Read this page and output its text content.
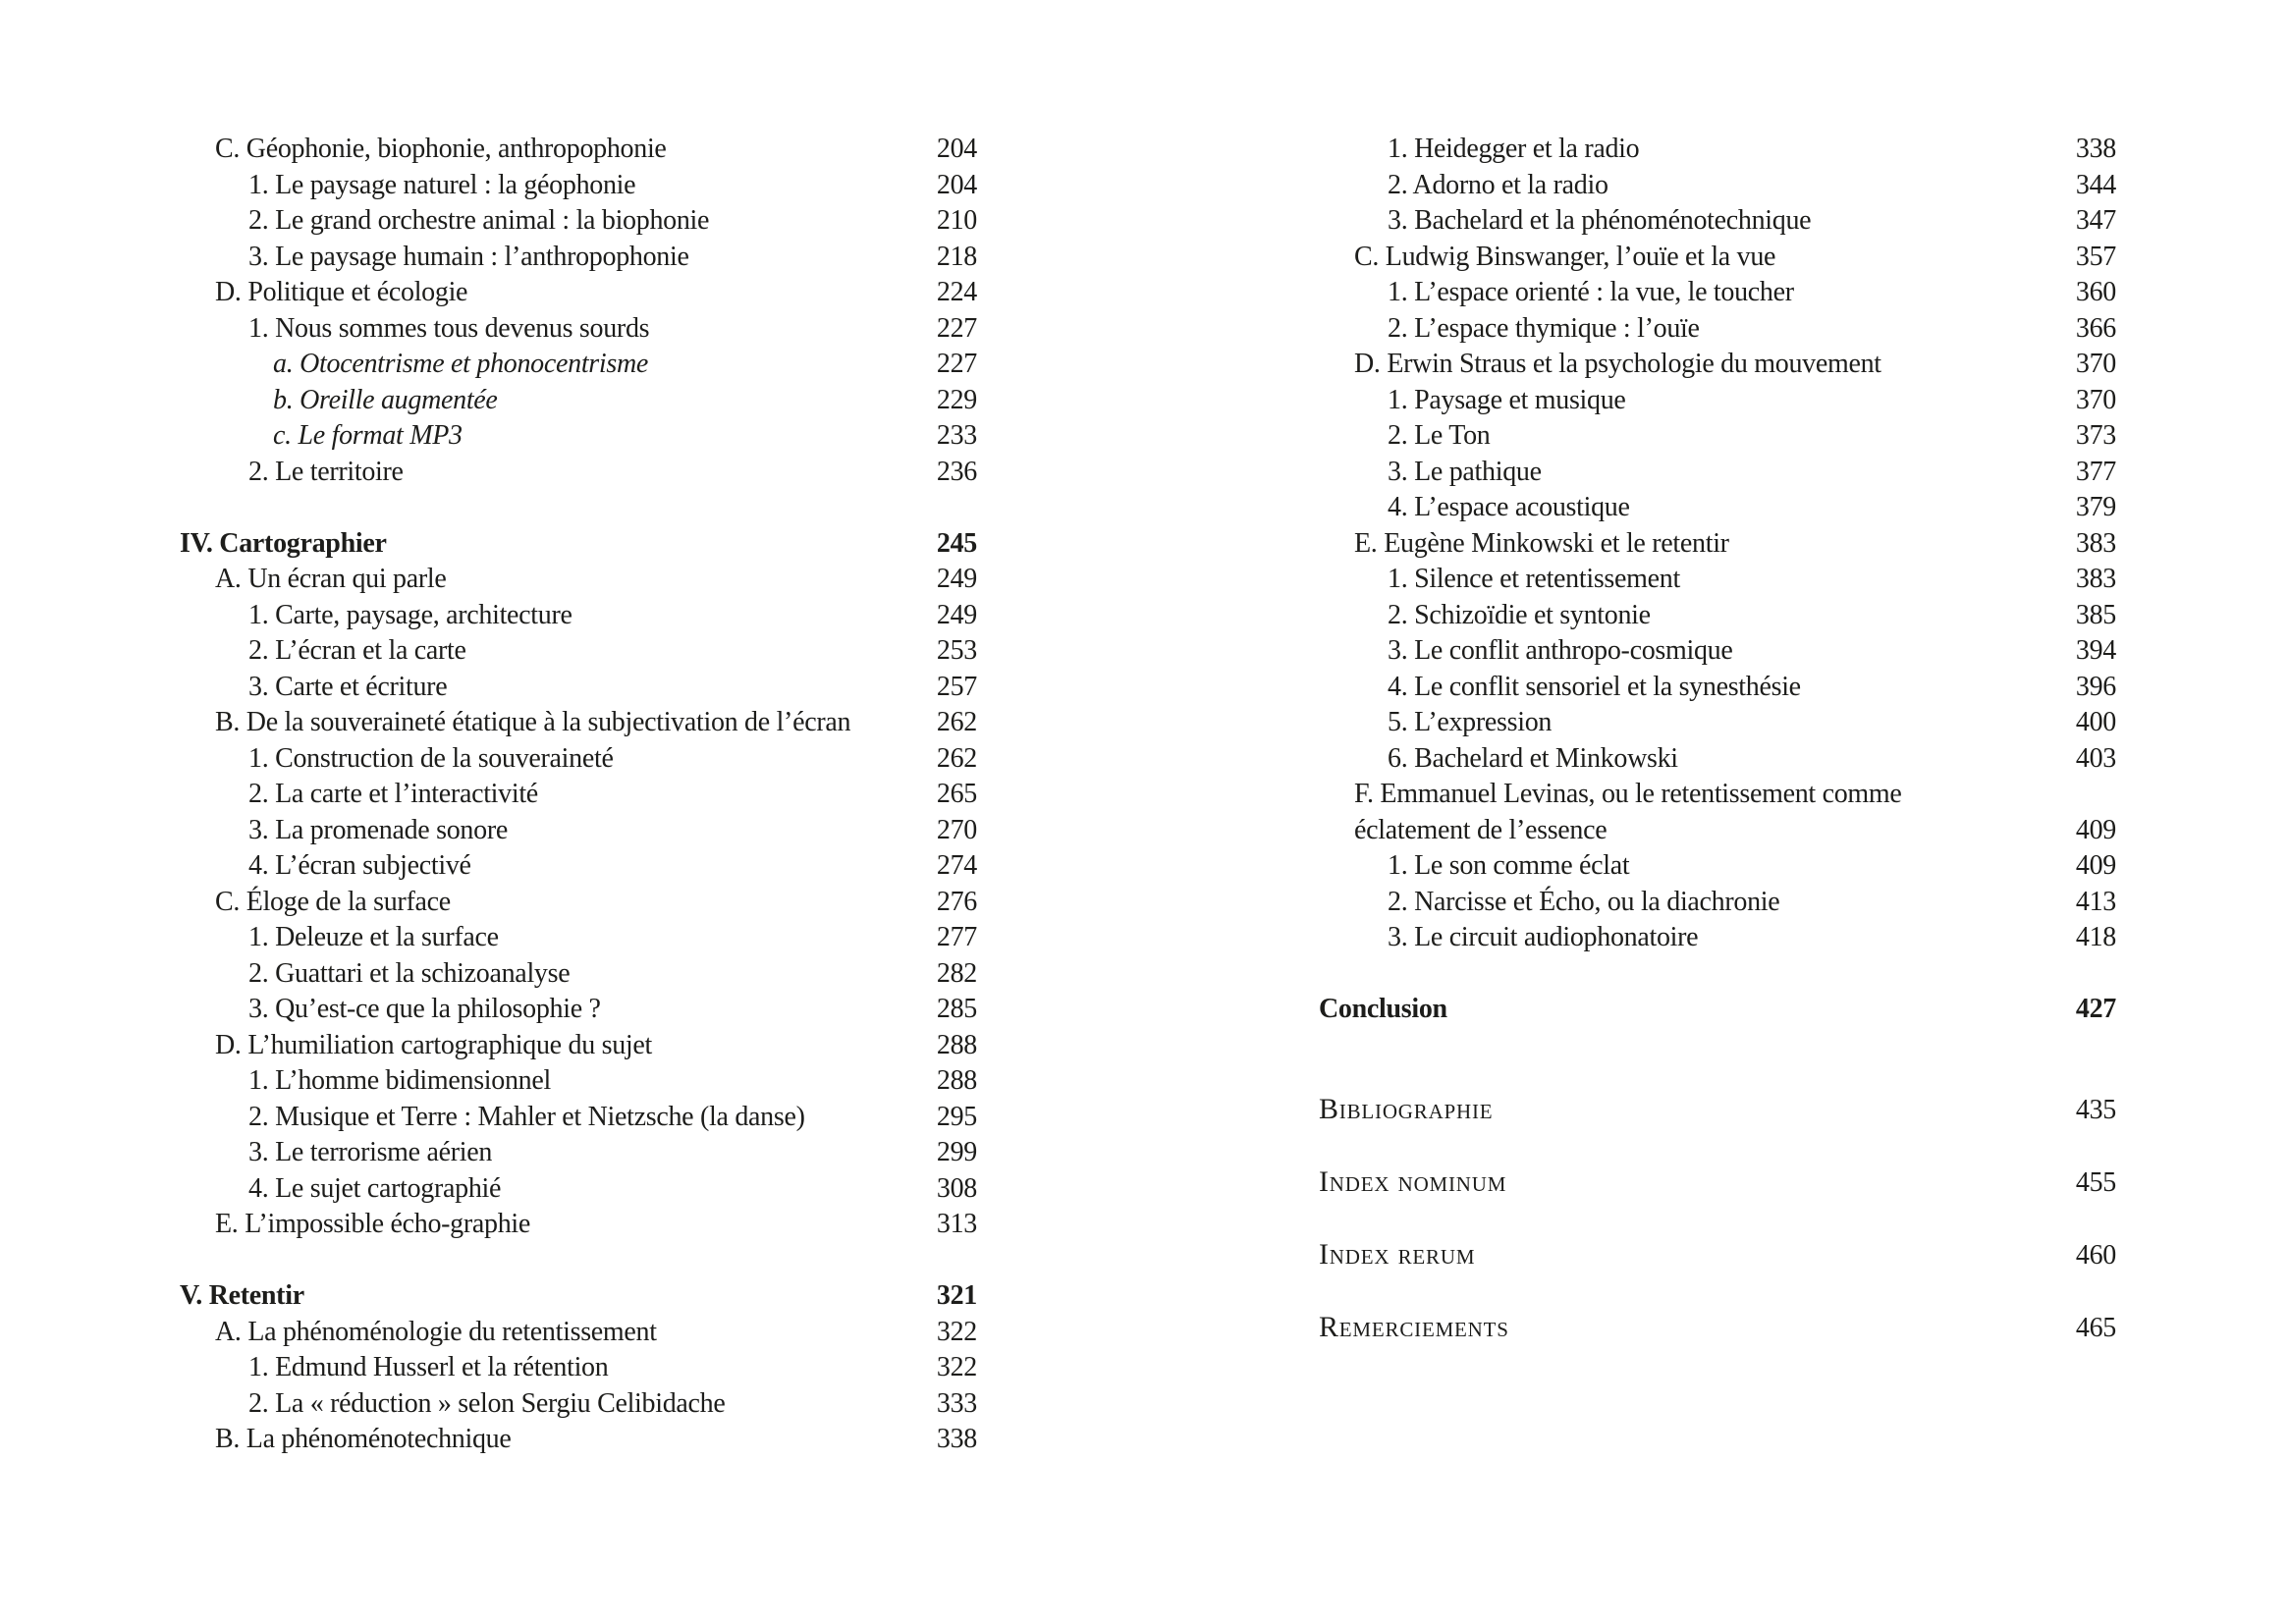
C. Géophonie, biophonie, anthropophonie	204
1. Le paysage naturel : la géophonie	204
2. Le grand orchestre animal : la biophonie	210
3. Le paysage humain : l’anthropophonie	218
D. Politique et écologie	224
1. Nous sommes tous devenus sourds	227
a. Otocentrisme et phonocentrisme	227
b. Oreille augmentée	229
c. Le format MP3	233
2. Le territoire	236
IV. Cartographier	245
A. Un écran qui parle	249
1. Carte, paysage, architecture	249
2. L’écran et la carte	253
3. Carte et écriture	257
B. De la souveraineté étatique à la subjectivation de l’écran	262
1. Construction de la souveraineté	262
2. La carte et l’interactivité	265
3. La promenade sonore	270
4. L’écran subjectivé	274
C. Éloge de la surface	276
1. Deleuze et la surface	277
2. Guattari et la schizoanalyse	282
3. Qu’est-ce que la philosophie ?	285
D. L’humiliation cartographique du sujet	288
1. L’homme bidimensionnel	288
2. Musique et Terre : Mahler et Nietzsche (la danse)	295
3. Le terrorisme aérien	299
4. Le sujet cartographié	308
E. L’impossible écho-graphie	313
V. Retentir	321
A. La phénoménologie du retentissement	322
1. Edmund Husserl et la rétention	322
2. La « réduction » selon Sergiu Celibidache	333
B. La phénoménotechnique	338
1. Heidegger et la radio	338
2. Adorno et la radio	344
3. Bachelard et la phénoménotechnique	347
C. Ludwig Binswanger, l’ouïe et la vue	357
1. L’espace orienté : la vue, le toucher	360
2. L’espace thymique : l’ouïe	366
D. Erwin Straus et la psychologie du mouvement	370
1. Paysage et musique	370
2. Le Ton	373
3. Le pathique	377
4. L’espace acoustique	379
E. Eugène Minkowski et le retentir	383
1. Silence et retentissement	383
2. Schizoïdie et syntonie	385
3. Le conflit anthropo-cosmique	394
4. Le conflit sensoriel et la synesthésie	396
5. L’expression	400
6. Bachelard et Minkowski	403
F. Emmanuel Levinas, ou le retentissement comme
éclatement de l’essence	409
1. Le son comme éclat	409
2. Narcisse et Écho, ou la diachronie	413
3. Le circuit audiophonatoire	418
Conclusion	427
Bibliographie	435
Index nominum	455
Index rerum	460
Remerciements	465
